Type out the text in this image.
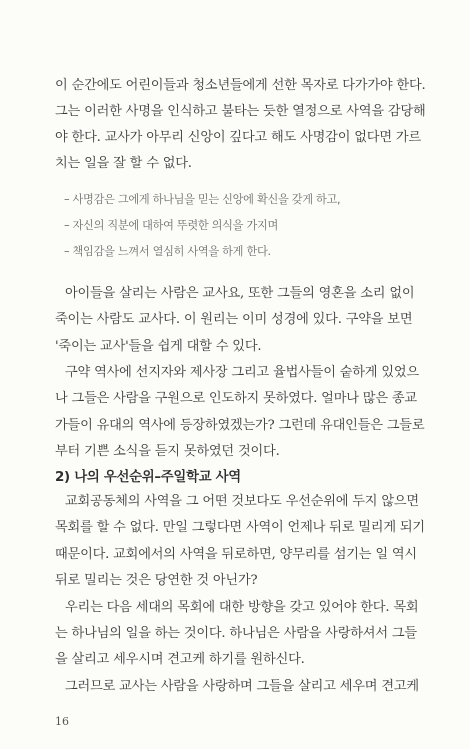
이 순간에도 어린이들과 청소년들에게 선한 목자로 다가가야 한다.
그는 이러한 사명을 인식하고 불타는 듯한 열정으로 사역을 감당해
야 한다. 교사가 아무리 신앙이 깊다고 해도 사명감이 없다면 가르
치는 일을 잘 할 수 없다.
– 사명감은 그에게 하나님을 믿는 신앙에 확신을 갖게 하고,
– 자신의 직분에 대하여 뚜렷한 의식을 가지며
– 책임감을 느껴서 열심히 사역을 하게 한다.
아이들을 살리는 사람은 교사요, 또한 그들의 영혼을 소리 없이
죽이는 사람도 교사다. 이 원리는 이미 성경에 있다. 구약을 보면
'죽이는 교사'들을 쉽게 대할 수 있다.
구약 역사에 선지자와 제사장 그리고 율법사들이 숱하게 있었으
나 그들은 사람을 구원으로 인도하지 못하였다. 얼마나 많은 종교
가들이 유대의 역사에 등장하였겠는가? 그런데 유대인들은 그들로
부터 기쁜 소식을 듣지 못하였던 것이다.
2) 나의 우선순위–주일학교 사역
교회공동체의 사역을 그 어떤 것보다도 우선순위에 두지 않으면
목회를 할 수 없다. 만일 그렇다면 사역이 언제나 뒤로 밀리게 되기
때문이다. 교회에서의 사역을 뒤로하면, 양무리를 섬기는 일 역시
뒤로 밀리는 것은 당연한 것 아닌가?
우리는 다음 세대의 목회에 대한 방향을 갖고 있어야 한다. 목회
는 하나님의 일을 하는 것이다. 하나님은 사람을 사랑하셔서 그들
을 살리고 세우시며 견고케 하기를 원하신다.
그러므로 교사는 사람을 사랑하며 그들을 살리고 세우며 견고케
16
